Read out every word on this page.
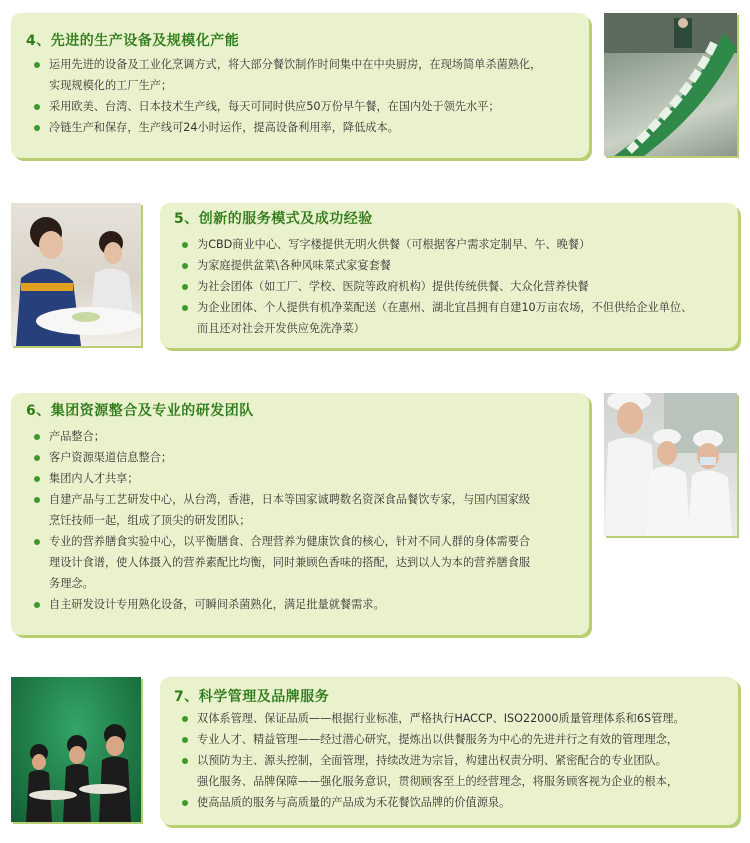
4、先进的生产设备及规模化产能
运用先进的设备及工业化烹调方式，将大部分餐饮制作时间集中在中央厨房，在现场简单杀菌熟化，
实现规模化的工厂生产；
采用欧美、台湾、日本技术生产线，每天可同时供应50万份早午餐，在国内处于领先水平；
冷链生产和保存，生产线可24小时运作，提高设备利用率，降低成本。
5、创新的服务模式及成功经验
为CBD商业中心、写字楼提供无明火供餐（可根据客户需求定制早、午、晚餐）
为家庭提供盆菜\各种风味菜式家宴套餐
为社会团体（如工厂、学校、医院等政府机构）提供传统供餐、大众化营养快餐
为企业团体、个人提供有机净菜配送（在惠州、湖北宜昌拥有自建10万亩农场，不但供给企业单位、
而且还对社会开发供应免洗净菜）
6、集团资源整合及专业的研发团队
产品整合；
客户资源渠道信息整合；
集团内人才共享；
自建产品与工艺研发中心，从台湾，香港，日本等国家诚聘数名资深食品餐饮专家，与国内国家级
烹饪技师一起，组成了顶尖的研发团队；
专业的营养膳食实验中心，以平衡膳食、合理营养为健康饮食的核心，针对不同人群的身体需要合
理设计食谱，使人体摄入的营养素配比均衡，同时兼顾色香味的搭配，达到以人为本的营养膳食服
务理念。
自主研发设计专用熟化设备，可瞬间杀菌熟化，满足批量就餐需求。
7、科学管理及品牌服务
双体系管理、保证品质——根据行业标准，严格执行HACCP、ISO22000质量管理体系和6S管理。
专业人才、精益管理——经过潜心研究，提炼出以供餐服务为中心的先进并行之有效的管理理念，
以预防为主、源头控制，全面管理，持续改进为宗旨，构建出权责分明、紧密配合的专业团队。
强化服务、品牌保障——强化服务意识，贯彻顾客至上的经营理念，将服务顾客视为企业的根本，
使高品质的服务与高质量的产品成为禾花餐饮品牌的价值源泉。
